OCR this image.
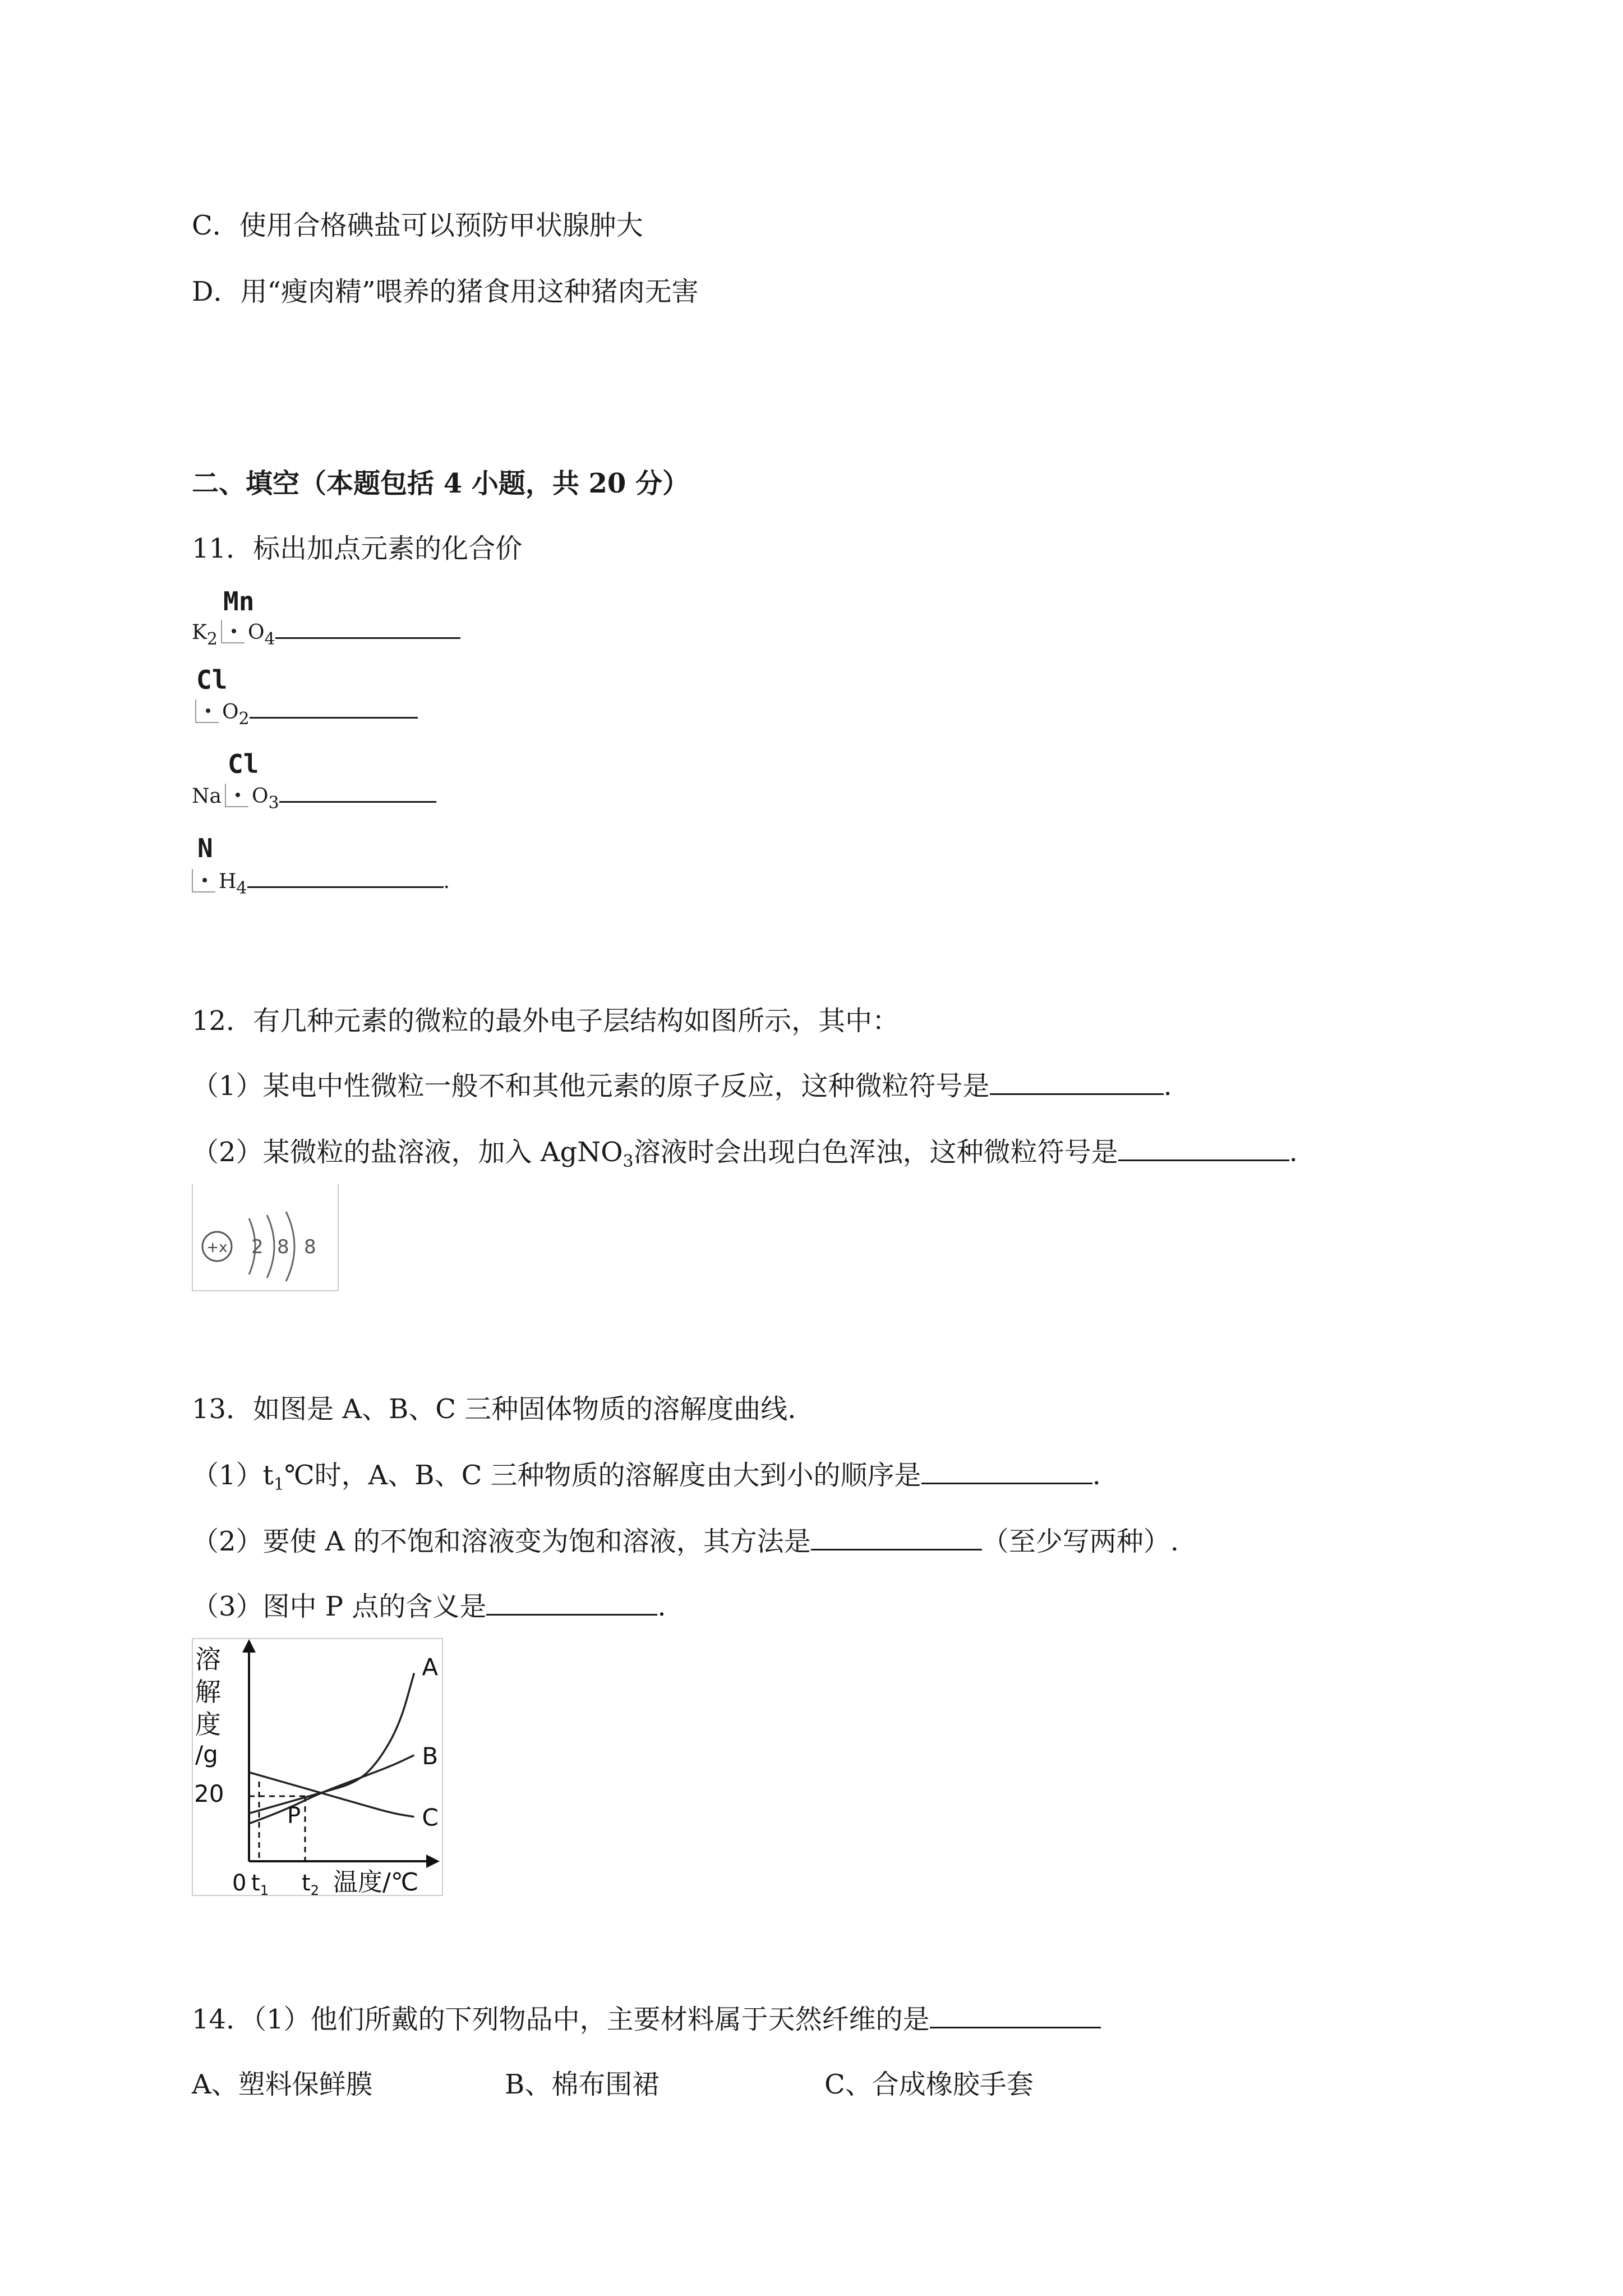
C．使用合格碘盐可以预防甲状腺肿大
D．用“瘦肉精”喂养的猪食用这种猪肉无害
二、填空（本题包括 4 小题，共 20 分）
11．标出加点元素的化合价
Mn
$K_2$ $O_4$
Cl
$O_2$
Cl
Na $O_3$
N
$H_4$	.
12．有几种元素的微粒的最外电子层结构如图所示，其中：
（1）某电中性微粒一般不和其他元素的原子反应，这种微粒符号是	.
（2）某微粒的盐溶液，加入 AgNO$_3$溶液时会出现白色浑浊，这种微粒符号是	.
+x 2 8 8
13．如图是 A、B、C 三种固体物质的溶解度曲线.
$(1)t_1℃$时，A、B、C 三种物质的溶解度由大到小的顺序是	.
（2）要使 A 的不饱和溶液变为饱和溶液，其方法是	（至少写两种）.
（3）图中 P 点的含义是	.
溶
解
度
/g
20
0 $t_1$ $t_2$ 温度/℃
A
B
C
P
14．（1）他们所戴的下列物品中，主要材料属于天然纤维的是
A、塑料保鲜膜	B、棉布围裙	C、合成橡胶手套
